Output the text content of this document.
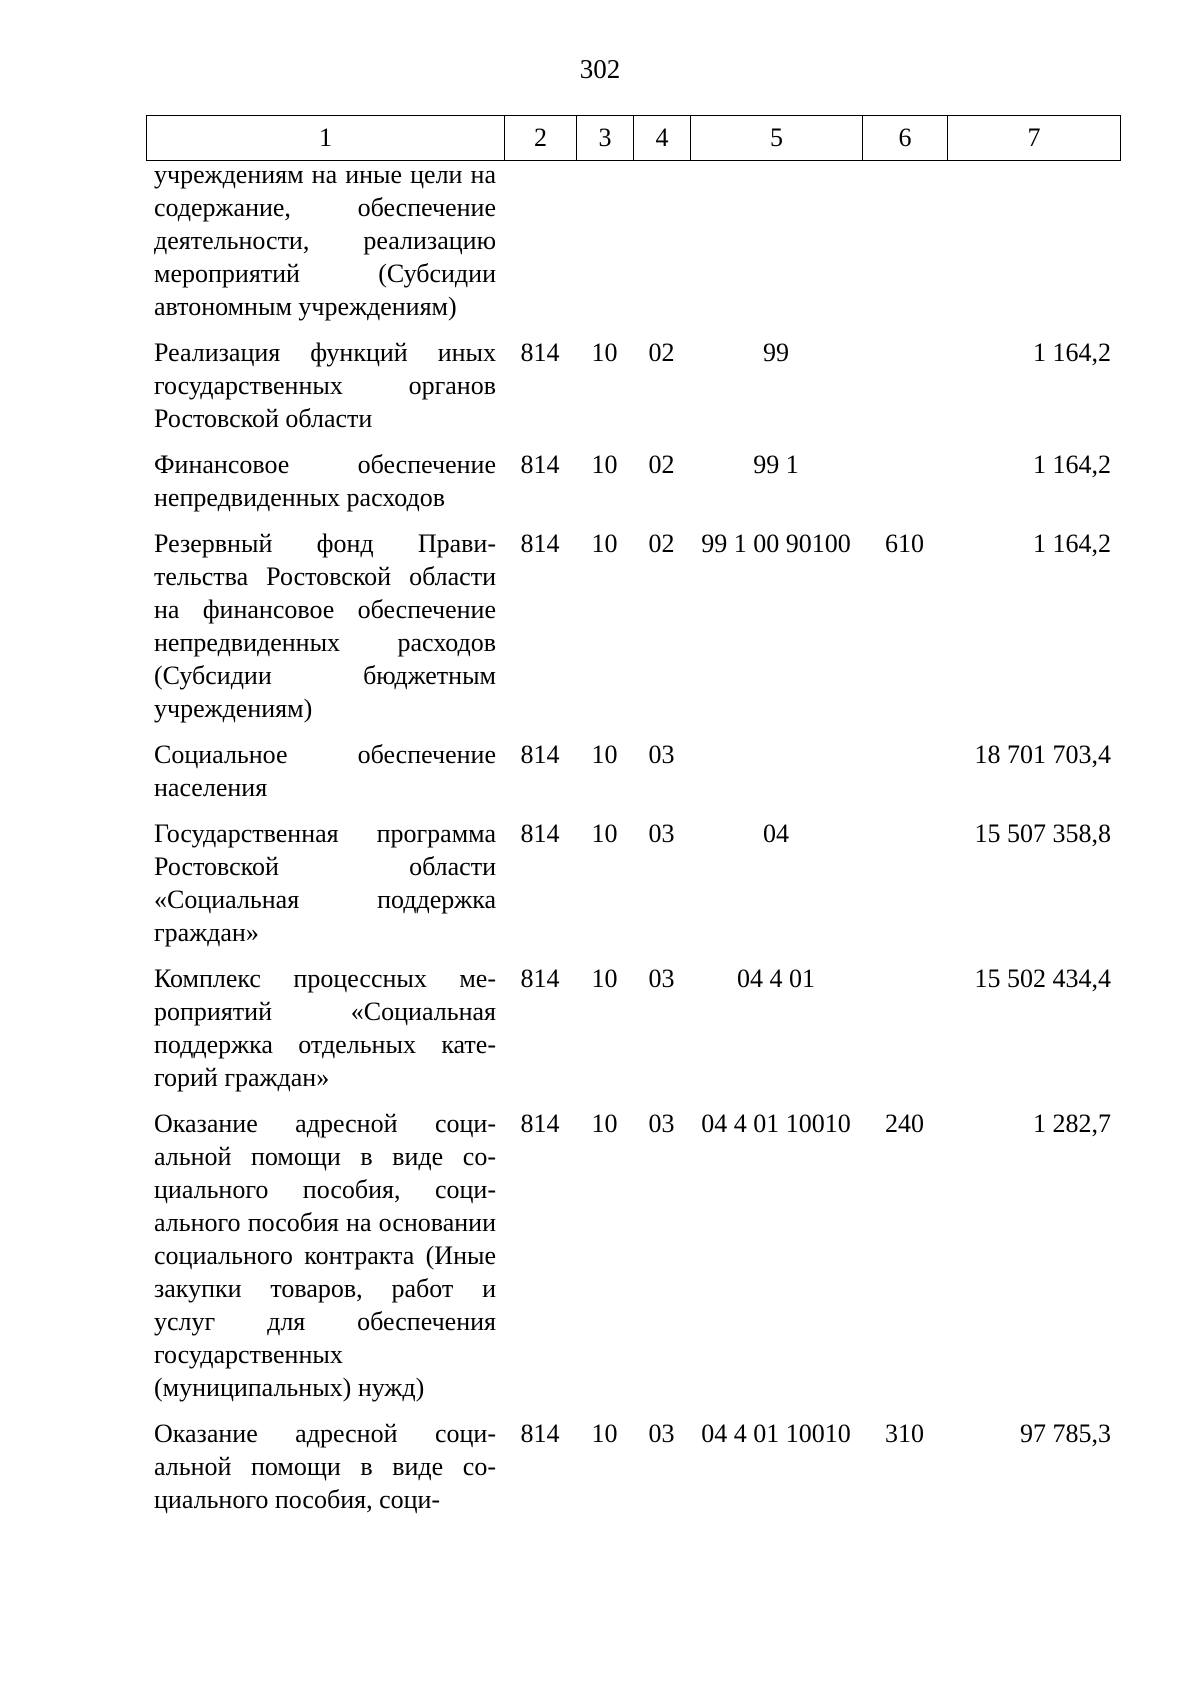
302
1	2	3	4	5	6	7
учреждениям на иные цели на содержание, обеспечение деятельности, реализацию мероприятий (Субсидии автономным учреждениям)						
Реализация функций иных государственных органов Ростовской области	814	10	02	99		1 164,2
Финансовое обеспечение непредвиденных расходов	814	10	02	99 1		1 164,2
Резервный фонд Правительства Ростовской области на финансовое обеспечение непредвиденных расходов (Субсидии бюджетным учреждениям)	814	10	02	99 1 00 90100	610	1 164,2
Социальное обеспечение населения	814	10	03			18 701 703,4
Государственная программа Ростовской области «Социальная поддержка граждан»	814	10	03	04		15 507 358,8
Комплекс процессных мероприятий «Социальная поддержка отдельных категорий граждан»	814	10	03	04 4 01		15 502 434,4
Оказание адресной социальной помощи в виде социального пособия, социального пособия на основании социального контракта (Иные закупки товаров, работ и услуг для обеспечения государственных (муниципальных) нужд)	814	10	03	04 4 01 10010	240	1 282,7
Оказание адресной социальной помощи в виде социального пособия, соци-	814	10	03	04 4 01 10010	310	97 785,3
